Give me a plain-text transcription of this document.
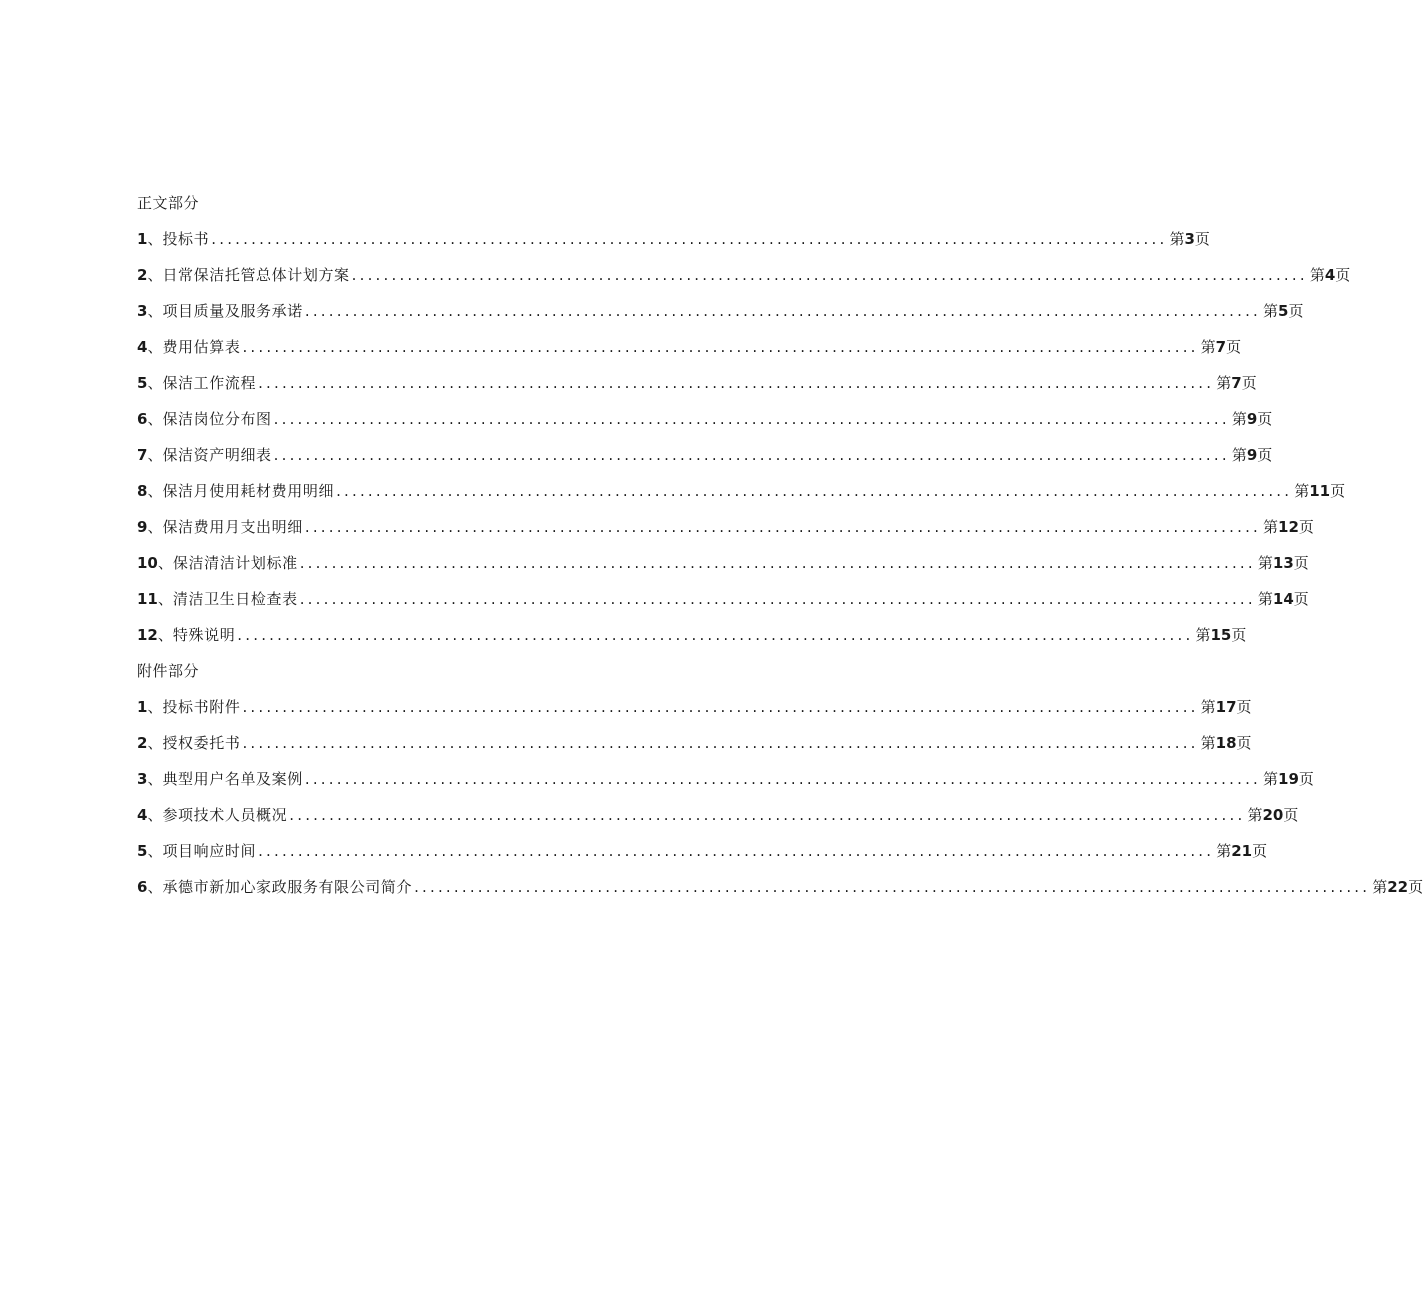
正文部分
1 、 投标书 ........................................................................................................................ 第3页
2 、 日常保洁托管总体计划方案 ........................................................................................................................ 第4页
3 、 项目质量及服务承诺 ........................................................................................................................ 第5页
4 、 费用估算表 ........................................................................................................................ 第7页
5 、 保洁工作流程 ........................................................................................................................ 第7页
6 、 保洁岗位分布图 ........................................................................................................................ 第9页
7 、 保洁资产明细表 ........................................................................................................................ 第9页
8 、 保洁月使用耗材费用明细 ........................................................................................................................ 第11页
9 、 保洁费用月支出明细 ........................................................................................................................ 第12页
10 、 保洁清洁计划标准 ........................................................................................................................ 第13页
11 、 清洁卫生日检查表 ........................................................................................................................ 第14页
12 、 特殊说明 ........................................................................................................................ 第15页
附件部分
1 、 投标书附件 ........................................................................................................................ 第17页
2 、 授权委托书 ........................................................................................................................ 第18页
3 、 典型用户名单及案例 ........................................................................................................................ 第19页
4 、 参项技术人员概况 ........................................................................................................................ 第20页
5 、 项目响应时间 ........................................................................................................................ 第21页
6 、 承德市新加心家政服务有限公司简介 ........................................................................................................................ 第22页
